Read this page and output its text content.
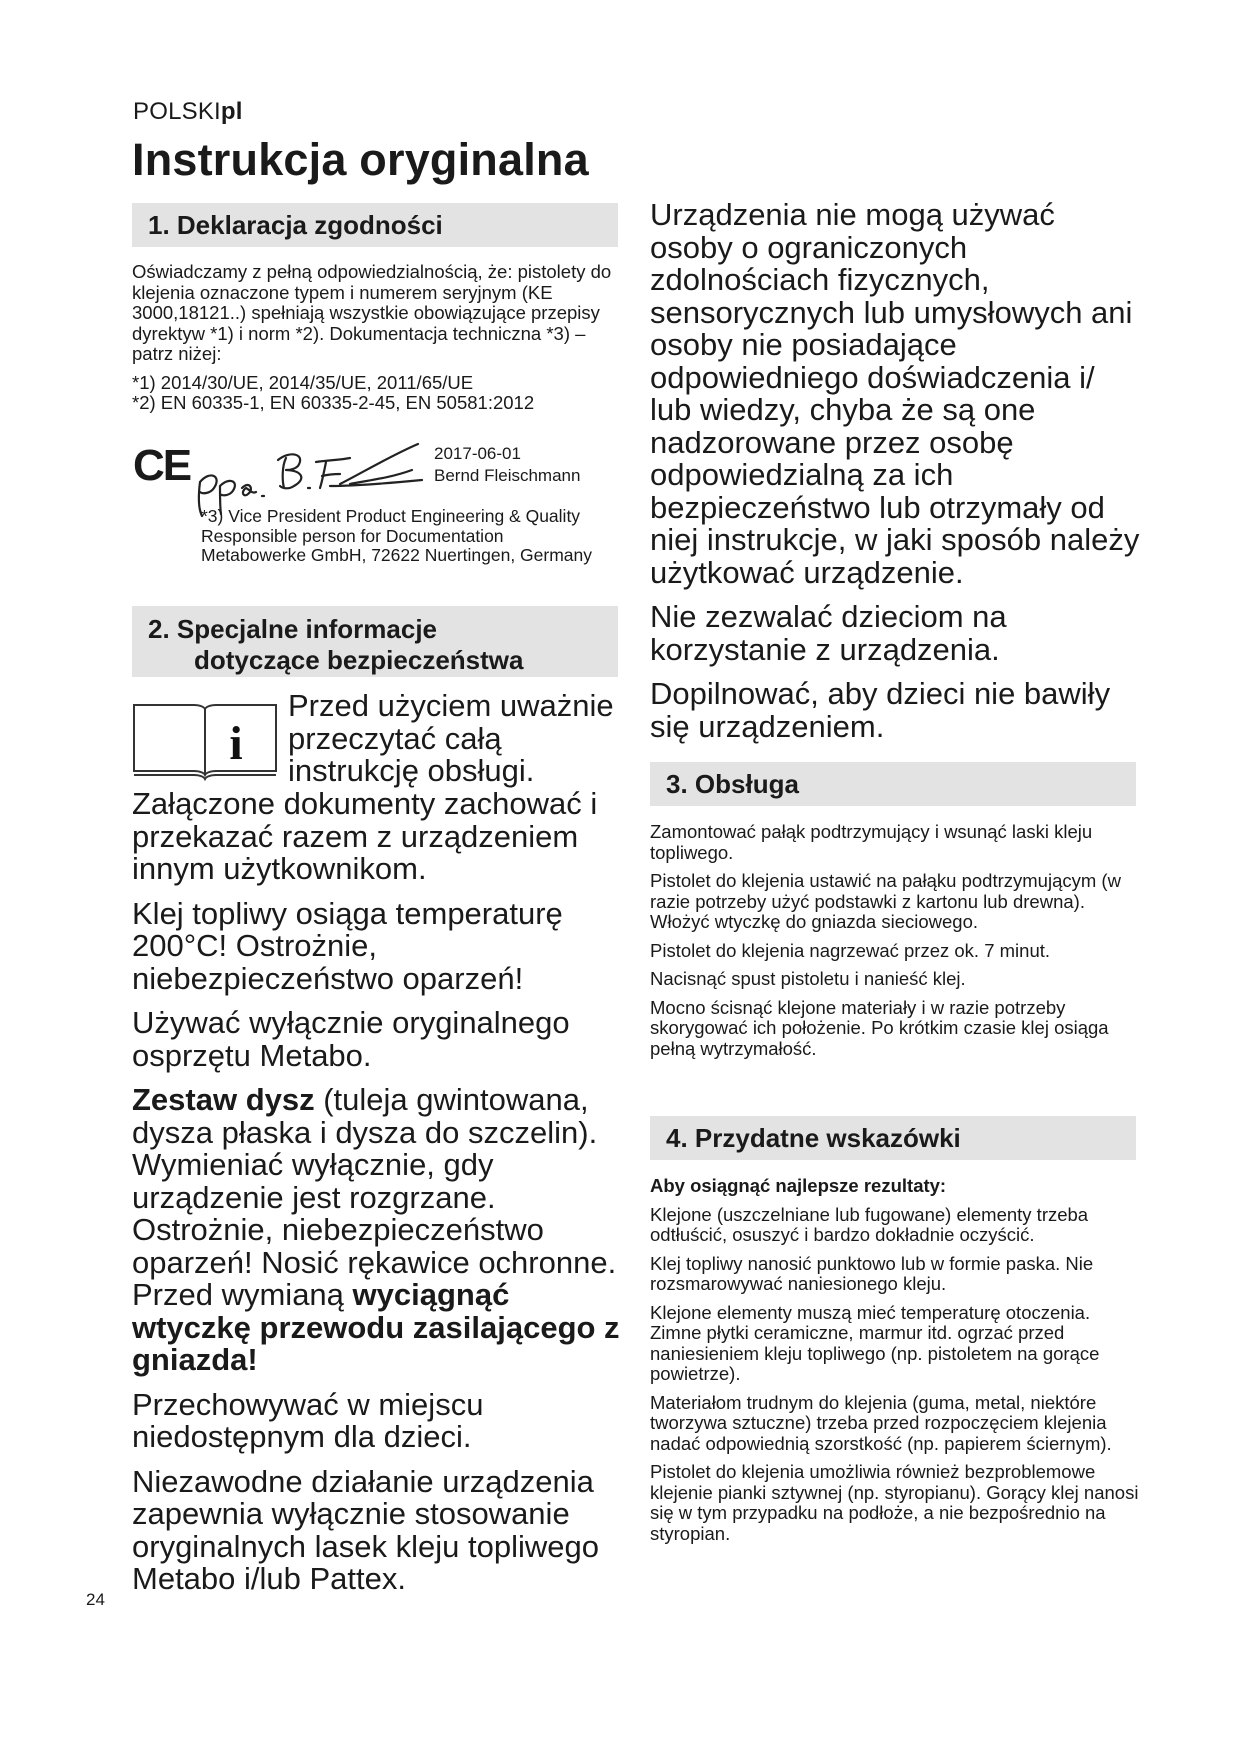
POLSKIpl
Instrukcja oryginalna
1. Deklaracja zgodności

Oświadczamy z pełną odpowiedzialnością, że: pistolety do klejenia oznaczone typem i numerem seryjnym (KE 3000,18121..) spełniają wszystkie obowiązujące przepisy dyrektyw *1) i norm *2). Dokumentacja techniczna *3) – patrz niżej:

*1) 2014/30/UE, 2014/35/UE, 2011/65/UE
*2) EN 60335-1, EN 60335-2-45, EN 50581:2012
CE	2017-06-01
Bernd Fleischmann
*3) Vice President Product Engineering & Quality
Responsible person for Documentation
Metabowerke GmbH, 72622 Nuertingen, Germany
2. Specjalne informacje
dotyczące bezpieczeństwa
i
Przed użyciem uważnie przeczytać całą instrukcję obsługi.

Załączone dokumenty zachować i przekazać razem z urządzeniem innym użytkownikom.

Klej topliwy osiąga temperaturę 200°C! Ostrożnie, niebezpieczeństwo oparzeń!

Używać wyłącznie oryginalnego osprzętu Metabo.

Zestaw dysz (tuleja gwintowana, dysza płaska i dysza do szczelin). Wymieniać wyłącznie, gdy urządzenie jest rozgrzane. Ostrożnie, niebezpieczeństwo oparzeń! Nosić rękawice ochronne. Przed wymianą wyciągnąć wtyczkę przewodu zasilającego z gniazda!

Przechowywać w miejscu niedostępnym dla dzieci.

Niezawodne działanie urządzenia zapewnia wyłącznie stosowanie oryginalnych lasek kleju topliwego Metabo i/lub Pattex.

Urządzenia nie mogą używać osoby o ograniczonych zdolnościach fizycznych, sensorycznych lub umysłowych ani osoby nie posiadające odpowiedniego doświadczenia i/ lub wiedzy, chyba że są one nadzorowane przez osobę odpowiedzialną za ich bezpieczeństwo lub otrzymały od niej instrukcje, w jaki sposób należy użytkować urządzenie.

Nie zezwalać dzieciom na korzystanie z urządzenia.

Dopilnować, aby dzieci nie bawiły się urządzeniem.

3. Obsługa

Zamontować pałąk podtrzymujący i wsunąć laski kleju topliwego.

Pistolet do klejenia ustawić na pałąku podtrzymującym (w razie potrzeby użyć podstawki z kartonu lub drewna). Włożyć wtyczkę do gniazda sieciowego.

Pistolet do klejenia nagrzewać przez ok. 7 minut.

Nacisnąć spust pistoletu i nanieść klej.

Mocno ścisnąć klejone materiały i w razie potrzeby skorygować ich położenie. Po krótkim czasie klej osiąga pełną wytrzymałość.

4. Przydatne wskazówki

Aby osiągnąć najlepsze rezultaty:

Klejone (uszczelniane lub fugowane) elementy trzeba odtłuścić, osuszyć i bardzo dokładnie oczyścić.

Klej topliwy nanosić punktowo lub w formie paska. Nie rozsmarowywać naniesionego kleju.

Klejone elementy muszą mieć temperaturę otoczenia. Zimne płytki ceramiczne, marmur itd. ogrzać przed naniesieniem kleju topliwego (np. pistoletem na gorące powietrze).

Materiałom trudnym do klejenia (guma, metal, niektóre tworzywa sztuczne) trzeba przed rozpoczęciem klejenia nadać odpowiednią szorstkość (np. papierem ściernym).

Pistolet do klejenia umożliwia również bezproblemowe klejenie pianki sztywnej (np. styropianu). Gorący klej nanosi się w tym przypadku na podłoże, a nie bezpośrednio na styropian.

24
